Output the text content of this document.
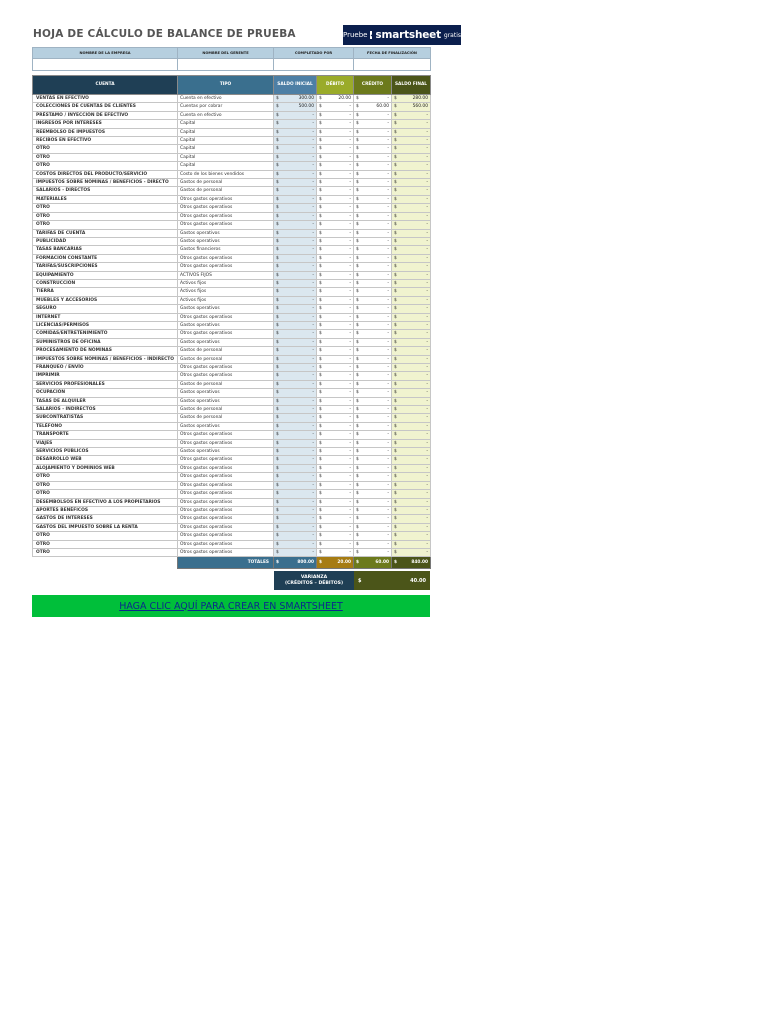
HOJA DE CÁLCULO DE BALANCE DE PRUEBA	Pruebe smartsheet gratis
NOMBRE DE LA EMPRESA	NOMBRE DEL GERENTE	COMPLETADO POR	FECHA DE FINALIZACIÓN

CUENTA	TIPO	SALDO INICIAL	DÉBITO	CRÉDITO	SALDO FINAL
VENTAS EN EFECTIVO	Cuenta en efectivo	$ 300.00	$ 20.00	$ -	$ 280.00

COLECCIONES DE CUENTAS DE CLIENTES	Cuentas por cobrar	$ 500.00	$ -	$ 60.00	$ 560.00

PRÉSTAMO / INYECCIÓN DE EFECTIVO	Cuenta en efectivo	$ -	$ -	$ -	$ -

INGRESOS POR INTERESES	Capital	$ -	$ -	$ -	$ -

REEMBOLSO DE IMPUESTOS	Capital	$ -	$ -	$ -	$ -

RECIBOS EN EFECTIVO	Capital	$ -	$ -	$ -	$ -

OTRO	Capital	$ -	$ -	$ -	$ -

OTRO	Capital	$ -	$ -	$ -	$ -

OTRO	Capital	$ -	$ -	$ -	$ -

COSTOS DIRECTOS DEL PRODUCTO/SERVICIO	Costo de los bienes vendidos	$ -	$ -	$ -	$ -

IMPUESTOS SOBRE NÓMINAS / BENEFICIOS - DIRECTO	Gastos de personal	$ -	$ -	$ -	$ -

SALARIOS - DIRECTOS	Gastos de personal	$ -	$ -	$ -	$ -

MATERIALES	Otros gastos operativos	$ -	$ -	$ -	$ -

OTRO	Otros gastos operativos	$ -	$ -	$ -	$ -

OTRO	Otros gastos operativos	$ -	$ -	$ -	$ -

OTRO	Otros gastos operativos	$ -	$ -	$ -	$ -

TARIFAS DE CUENTA	Gastos operativos	$ -	$ -	$ -	$ -

PUBLICIDAD	Gastos operativos	$ -	$ -	$ -	$ -

TASAS BANCARIAS	Gastos financieros	$ -	$ -	$ -	$ -

FORMACIÓN CONSTANTE	Otros gastos operativos	$ -	$ -	$ -	$ -

TARIFAS/SUSCRIPCIONES	Otros gastos operativos	$ -	$ -	$ -	$ -

EQUIPAMIENTO	ACTIVOS FIJOS	$ -	$ -	$ -	$ -

CONSTRUCCIÓN	Activos fijos	$ -	$ -	$ -	$ -

TIERRA	Activos fijos	$ -	$ -	$ -	$ -

MUEBLES Y ACCESORIOS	Activos fijos	$ -	$ -	$ -	$ -

SEGURO	Gastos operativos	$ -	$ -	$ -	$ -

INTERNET	Otros gastos operativos	$ -	$ -	$ -	$ -

LICENCIAS/PERMISOS	Gastos operativos	$ -	$ -	$ -	$ -

COMIDAS/ENTRETENIMIENTO	Otros gastos operativos	$ -	$ -	$ -	$ -

SUMINISTROS DE OFICINA	Gastos operativos	$ -	$ -	$ -	$ -

PROCESAMIENTO DE NÓMINAS	Gastos de personal	$ -	$ -	$ -	$ -

IMPUESTOS SOBRE NÓMINAS / BENEFICIOS - INDIRECTO	Gastos de personal	$ -	$ -	$ -	$ -

FRANQUEO / ENVÍO	Otros gastos operativos	$ -	$ -	$ -	$ -

IMPRIMIR	Otros gastos operativos	$ -	$ -	$ -	$ -

SERVICIOS PROFESIONALES	Gastos de personal	$ -	$ -	$ -	$ -

OCUPACIÓN	Gastos operativos	$ -	$ -	$ -	$ -

TASAS DE ALQUILER	Gastos operativos	$ -	$ -	$ -	$ -

SALARIOS - INDIRECTOS	Gastos de personal	$ -	$ -	$ -	$ -

SUBCONTRATISTAS	Gastos de personal	$ -	$ -	$ -	$ -

TELÉFONO	Gastos operativos	$ -	$ -	$ -	$ -

TRANSPORTE	Otros gastos operativos	$ -	$ -	$ -	$ -

VIAJES	Otros gastos operativos	$ -	$ -	$ -	$ -

SERVICIOS PÚBLICOS	Gastos operativos	$ -	$ -	$ -	$ -

DESARROLLO WEB	Otros gastos operativos	$ -	$ -	$ -	$ -

ALOJAMIENTO Y DOMINIOS WEB	Otros gastos operativos	$ -	$ -	$ -	$ -

OTRO	Otros gastos operativos	$ -	$ -	$ -	$ -

OTRO	Otros gastos operativos	$ -	$ -	$ -	$ -

OTRO	Otros gastos operativos	$ -	$ -	$ -	$ -

DESEMBOLSOS EN EFECTIVO A LOS PROPIETARIOS	Otros gastos operativos	$ -	$ -	$ -	$ -

APORTES BENÉFICOS	Otros gastos operativos	$ -	$ -	$ -	$ -

GASTOS DE INTERESES	Otros gastos operativos	$ -	$ -	$ -	$ -

GASTOS DEL IMPUESTO SOBRE LA RENTA	Otros gastos operativos	$ -	$ -	$ -	$ -

OTRO	Otros gastos operativos	$ -	$ -	$ -	$ -

OTRO	Otros gastos operativos	$ -	$ -	$ -	$ -

OTRO	Otros gastos operativos	$ -	$ -	$ -	$ -

	TOTALES	$ 800.00	$ 20.00	$ 60.00	$ 840.00
VARIANZA
(CRÉDITOS – DÉBITOS)	$	40.00
HAGA CLIC AQUÍ PARA CREAR EN SMARTSHEET
